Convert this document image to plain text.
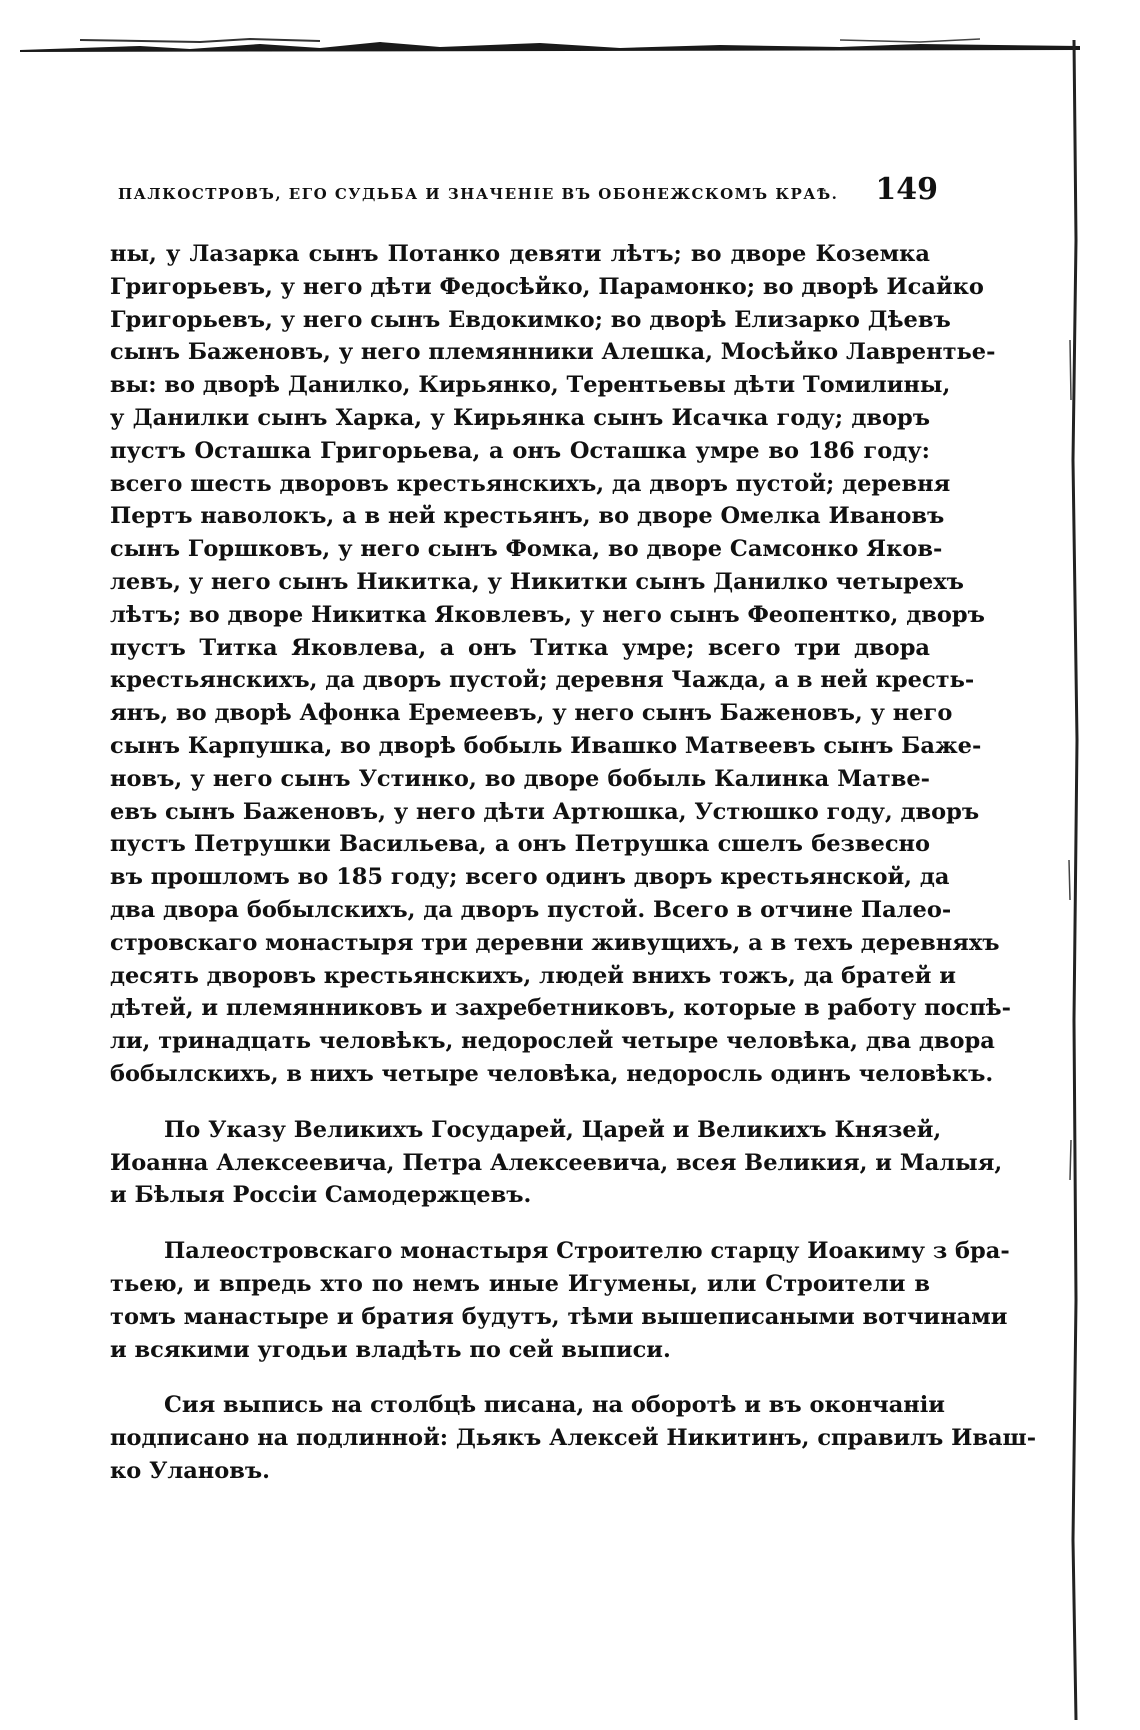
ПАЛКОСТРОВЪ, ЕГО СУДЬБА И ЗНАЧЕНІЕ ВЪ ОБОНЕЖСКОМЪ КРАѢ. 149
ны, у Лазарка сынъ Потанко девяти лѣтъ; во дворе Коземка
Григорьевъ, у него дѣти Федосѣйко, Парамонко; во дворѣ Исайко
Григорьевъ, у него сынъ Евдокимко; во дворѣ Елизарко Дѣевъ
сынъ Баженовъ, у него племянники Алешка, Мосѣйко Лаврентье-
вы: во дворѣ Данилко, Кирьянко, Терентьевы дѣти Томилины,
у Данилки сынъ Харка, у Кирьянка сынъ Исачка году; дворъ
пустъ Осташка Григорьева, а онъ Осташка умре во 186 году:
всего шесть дворовъ крестьянскихъ, да дворъ пустой; деревня
Пертъ наволокъ, а в ней крестьянъ, во дворе Омелка Ивановъ
сынъ Горшковъ, у него сынъ Фомка, во дворе Самсонко Яков-
левъ, у него сынъ Никитка, у Никитки сынъ Данилко четырехъ
лѣтъ; во дворе Никитка Яковлевъ, у него сынъ Феопентко, дворъ
пустъ Титка Яковлева, а онъ Титка умре; всего три двора
крестьянскихъ, да дворъ пустой; деревня Чажда, а в ней кресть-
янъ, во дворѣ Афонка Еремеевъ, у него сынъ Баженовъ, у него
сынъ Карпушка, во дворѣ бобыль Ивашко Матвеевъ сынъ Баже-
новъ, у него сынъ Устинко, во дворе бобыль Калинка Матве-
евъ сынъ Баженовъ, у него дѣти Артюшка, Устюшко году, дворъ
пустъ Петрушки Васильева, а онъ Петрушка сшелъ безвесно
въ прошломъ во 185 году; всего одинъ дворъ крестьянской, да
два двора бобылскихъ, да дворъ пустой. Всего в отчине Палео-
стровскаго монастыря три деревни живущихъ, а в техъ деревняхъ
десять дворовъ крестьянскихъ, людей внихъ тожъ, да братей и
дѣтей, и племянниковъ и захребетниковъ, которые в работу поспѣ-
ли, тринадцать человѣкъ, недорослей четыре человѣка, два двора
бобылскихъ, в нихъ четыре человѣка, недоросль одинъ человѣкъ.
По Указу Великихъ Государей, Царей и Великихъ Князей,
Иоанна Алексеевича, Петра Алексеевича, всея Великия, и Малыя,
и Бѣлыя Россіи Самодержцевъ.
Палеостровскаго монастыря Строителю старцу Иоакиму з бра-
тьею, и впредь хто по немъ иные Игумены, или Строители в
томъ манастыре и братия будутъ, тѣми вышеписаными вотчинами
и всякими угодьи владѣть по сей выписи.
Сия выпись на столбцѣ писана, на оборотѣ и въ окончаніи
подписано на подлинной: Дьякъ Алексей Никитинъ, справилъ Иваш-
ко Улановъ.
